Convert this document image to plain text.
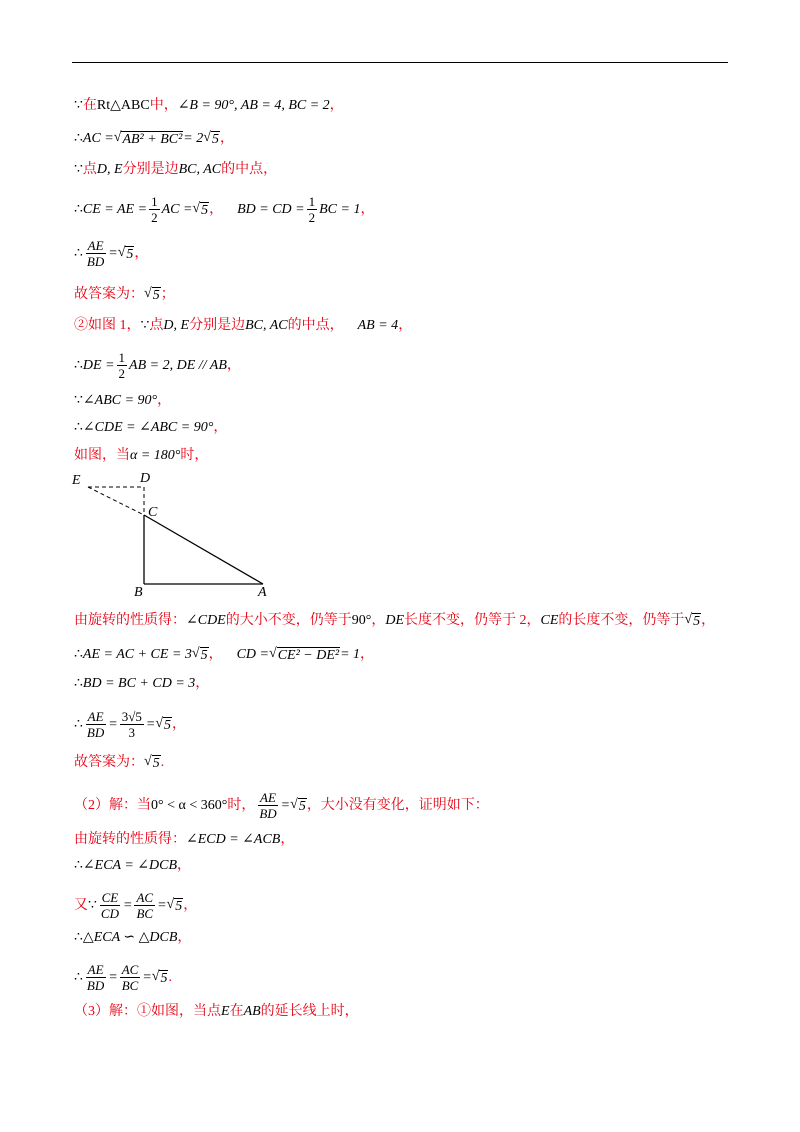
∵ 在 Rt△ABC 中， ∠B = 90°, AB = 4, BC = 2 ，
∴ AC = √ AB² + BC² = 2 √ 5 ，
∵ 点 D, E 分别是边 BC, AC 的中点，
∴ CE = AE = $\frac{1}{2}$ AC = √ 5 ， BD = CD = $\frac{1}{2}$ BC = 1 ，
∴ $\frac{AE}{BD}$ = √ 5 ，
故答案为： √ 5 ；
②如图 1， ∵ 点 D, E 分别是边 BC, AC 的中点， AB = 4 ，
∴ DE = $\frac{1}{2}$ AB = 2, DE // AB ，
∵ ∠ABC = 90° ，
∴ ∠CDE = ∠ABC = 90° ，
如图，当 α = 180° 时，
E	D
C
B	A
由旋转的性质得： ∠CDE 的大小不变，仍等于 90° ， DE 长度不变，仍等于 2， CE 的长度不变，仍等于 √ 5 ，
∴ AE = AC + CE = 3 √ 5 ， CD = √ CE² − DE² = 1 ，
∴ BD = BC + CD = 3 ，
∴ $\frac{AE}{BD} = \frac{3√5}{3}$ = √ 5 ，
故答案为： √ 5 .
（2）解：当 0° < α < 360° 时， $\frac{AE}{BD}$ = √ 5 ，大小没有变化，证明如下：
由旋转的性质得： ∠ECD = ∠ACB ，
∴ ∠ECA = ∠DCB ，
又 ∵ $\frac{CE}{CD} = \frac{AC}{BC}$ = √ 5 ，
∴ △ECA ∽ △DCB ，
∴ $\frac{AE}{BD} = \frac{AC}{BC}$ = √ 5 .
（3）解：①如图，当点 E 在 AB 的延长线上时，
